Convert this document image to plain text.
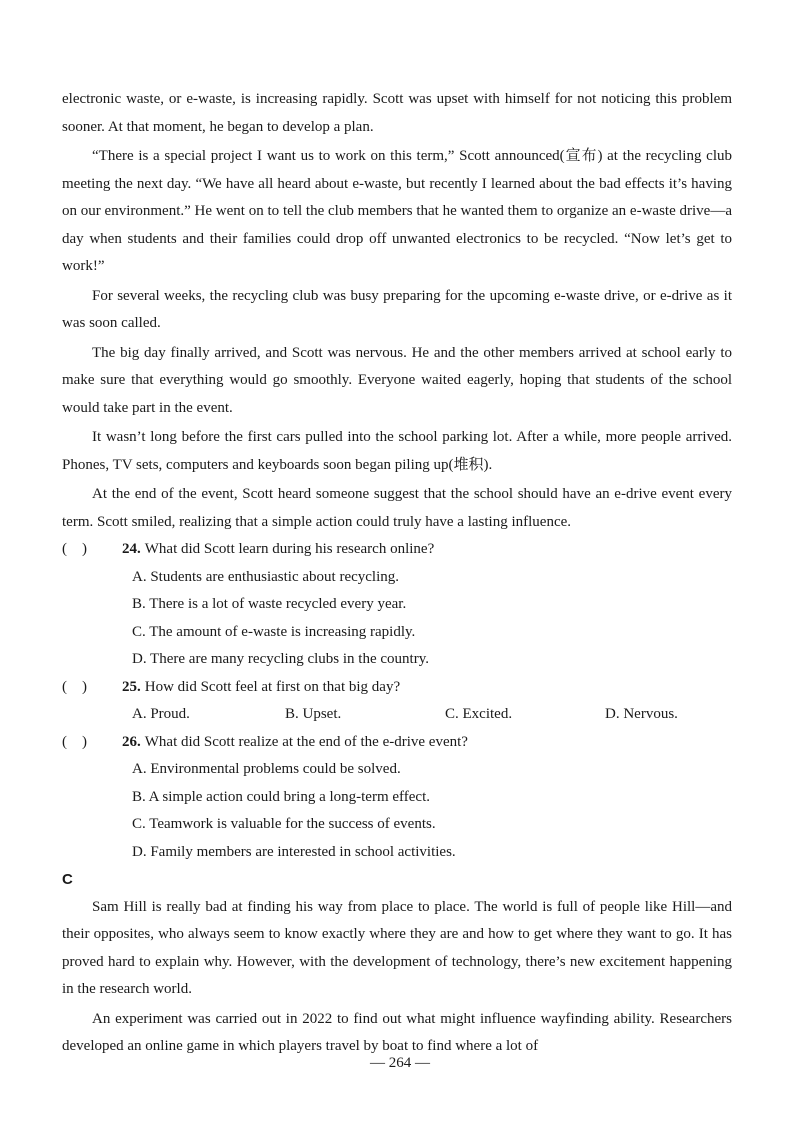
electronic waste, or e-waste, is increasing rapidly. Scott was upset with himself for not noticing this problem sooner. At that moment, he began to develop a plan.

“There is a special project I want us to work on this term,” Scott announced(宣布) at the recycling club meeting the next day. “We have all heard about e-waste, but recently I learned about the bad effects it’s having on our environment.” He went on to tell the club members that he wanted them to organize an e-waste drive—a day when students and their families could drop off unwanted electronics to be recycled. “Now let’s get to work!”

For several weeks, the recycling club was busy preparing for the upcoming e-waste drive, or e-drive as it was soon called.

The big day finally arrived, and Scott was nervous. He and the other members arrived at school early to make sure that everything would go smoothly. Everyone waited eagerly, hoping that students of the school would take part in the event.

It wasn’t long before the first cars pulled into the school parking lot. After a while, more people arrived. Phones, TV sets, computers and keyboards soon began piling up(堆积).

At the end of the event, Scott heard someone suggest that the school should have an e-drive event every term. Scott smiled, realizing that a simple action could truly have a lasting influence.

(    )	24. What did Scott learn during his research online?

A. Students are enthusiastic about recycling.

B. There is a lot of waste recycled every year.

C. The amount of e-waste is increasing rapidly.

D. There are many recycling clubs in the country.

(    )	25. How did Scott feel at first on that big day?
A. Proud.	B. Upset.	C. Excited.	D. Nervous.
(    )	26. What did Scott realize at the end of the e-drive event?

A. Environmental problems could be solved.

B. A simple action could bring a long-term effect.

C. Teamwork is valuable for the success of events.

D. Family members are interested in school activities.

C

Sam Hill is really bad at finding his way from place to place. The world is full of people like Hill—and their opposites, who always seem to know exactly where they are and how to get where they want to go. It has proved hard to explain why. However, with the development of technology, there’s new excitement happening in the research world.

An experiment was carried out in 2022 to find out what might influence wayfinding ability. Researchers developed an online game in which players travel by boat to find where a lot of

— 264 —
